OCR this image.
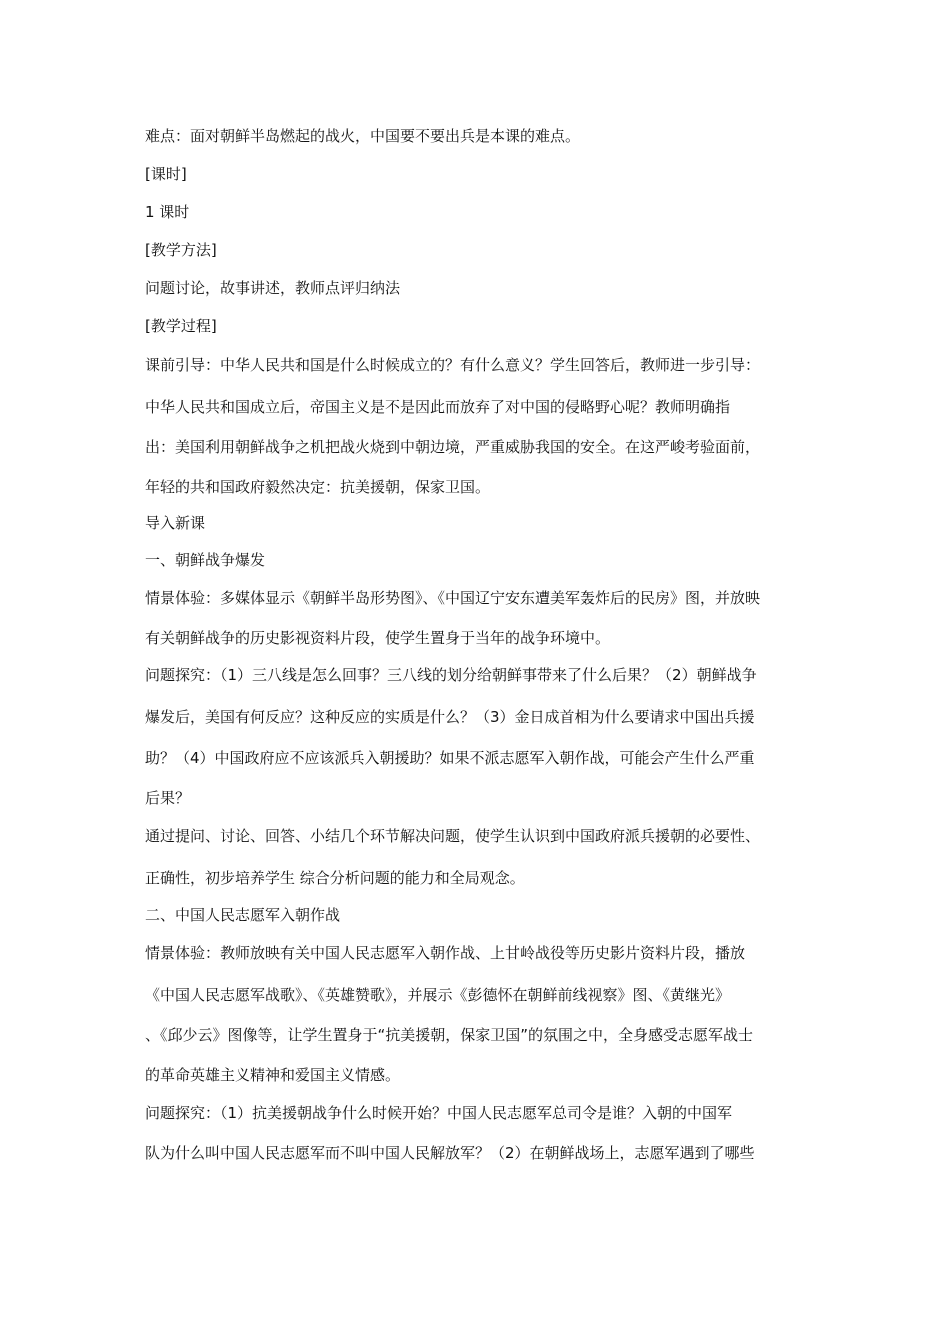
难点：面对朝鲜半岛燃起的战火，中国要不要出兵是本课的难点。
[课时]
1 课时
[教学方法]
问题讨论，故事讲述，教师点评归纳法
[教学过程]
课前引导：中华人民共和国是什么时候成立的？有什么意义？学生回答后，教师进一步引导：
中华人民共和国成立后，帝国主义是不是因此而放弃了对中国的侵略野心呢？教师明确指
出：美国利用朝鲜战争之机把战火烧到中朝边境，严重威胁我国的安全。在这严峻考验面前，
年轻的共和国政府毅然决定：抗美援朝，保家卫国。
导入新课
一、朝鲜战争爆发
情景体验：多媒体显示《朝鲜半岛形势图》、《中国辽宁安东遭美军轰炸后的民房》图，并放映
有关朝鲜战争的历史影视资料片段，使学生置身于当年的战争环境中。
问题探究：（1）三八线是怎么回事？三八线的划分给朝鲜事带来了什么后果？（2）朝鲜战争
爆发后，美国有何反应？这种反应的实质是什么？（3）金日成首相为什么要请求中国出兵援
助？（4）中国政府应不应该派兵入朝援助？如果不派志愿军入朝作战，可能会产生什么严重
后果？
通过提问、讨论、回答、小结几个环节解决问题，使学生认识到中国政府派兵援朝的必要性、
正确性，初步培养学生 综合分析问题的能力和全局观念。
二、中国人民志愿军入朝作战
情景体验：教师放映有关中国人民志愿军入朝作战、上甘岭战役等历史影片资料片段，播放
《中国人民志愿军战歌》、《英雄赞歌》，并展示《彭德怀在朝鲜前线视察》图、《黄继光》
、《邱少云》图像等，让学生置身于“抗美援朝，保家卫国”的氛围之中，全身感受志愿军战士
的革命英雄主义精神和爱国主义情感。
问题探究：（1）抗美援朝战争什么时候开始？中国人民志愿军总司令是谁？入朝的中国军
队为什么叫中国人民志愿军而不叫中国人民解放军？（2）在朝鲜战场上，志愿军遇到了哪些
